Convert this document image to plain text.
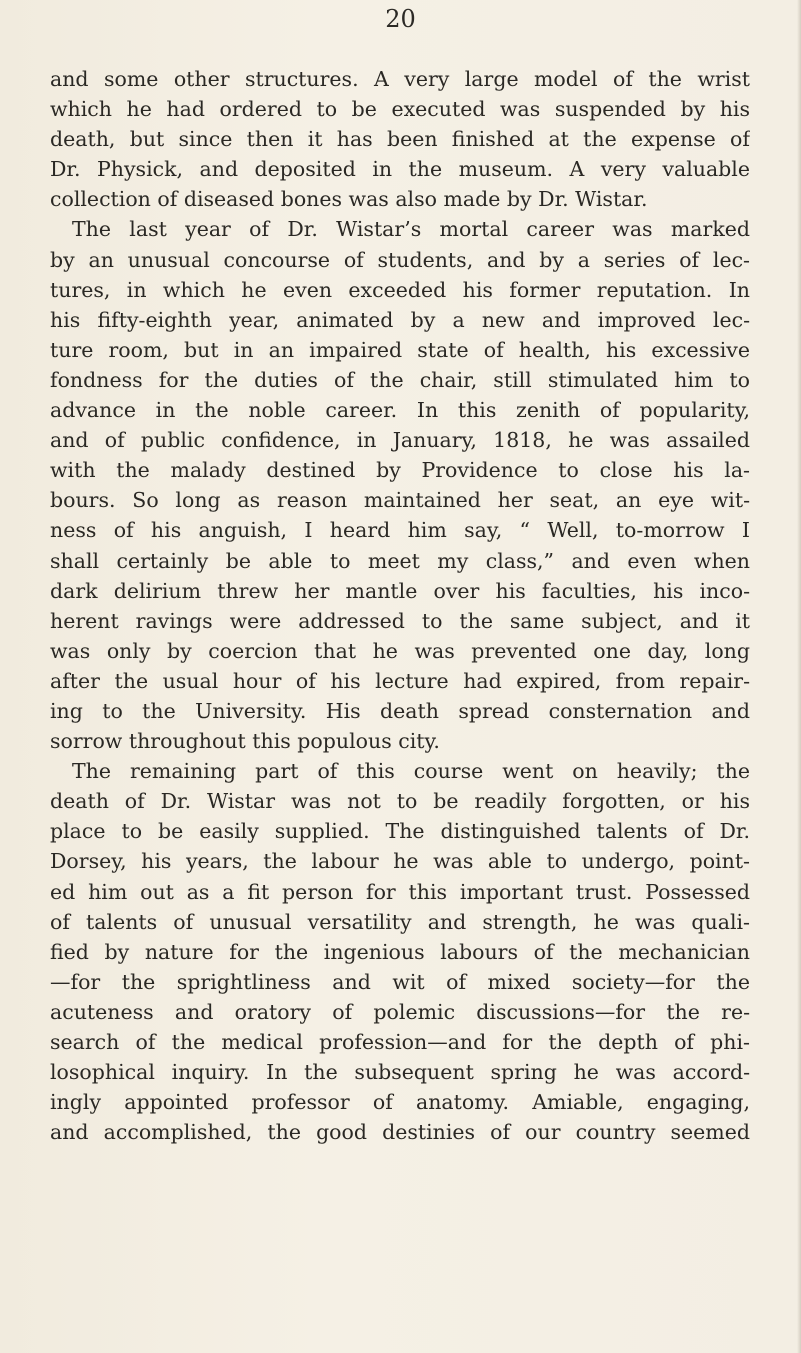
20
and some other structures. A very large model of the wrist
which he had ordered to be executed was suspended by his
death, but since then it has been finished at the expense of
Dr. Physick, and deposited in the museum. A very valuable
collection of diseased bones was also made by Dr. Wistar.
The last year of Dr. Wistar’s mortal career was marked
by an unusual concourse of students, and by a series of lec-
tures, in which he even exceeded his former reputation. In
his fifty-eighth year, animated by a new and improved lec-
ture room, but in an impaired state of health, his excessive
fondness for the duties of the chair, still stimulated him to
advance in the noble career. In this zenith of popularity,
and of public confidence, in January, 1818, he was assailed
with the malady destined by Providence to close his la-
bours. So long as reason maintained her seat, an eye wit-
ness of his anguish, I heard him say, “ Well, to-morrow I
shall certainly be able to meet my class,” and even when
dark delirium threw her mantle over his faculties, his inco-
herent ravings were addressed to the same subject, and it
was only by coercion that he was prevented one day, long
after the usual hour of his lecture had expired, from repair-
ing to the University. His death spread consternation and
sorrow throughout this populous city.
The remaining part of this course went on heavily; the
death of Dr. Wistar was not to be readily forgotten, or his
place to be easily supplied. The distinguished talents of Dr.
Dorsey, his years, the labour he was able to undergo, point-
ed him out as a fit person for this important trust. Possessed
of talents of unusual versatility and strength, he was quali-
fied by nature for the ingenious labours of the mechanician
—for the sprightliness and wit of mixed society—for the
acuteness and oratory of polemic discussions—for the re-
search of the medical profession—and for the depth of phi-
losophical inquiry. In the subsequent spring he was accord-
ingly appointed professor of anatomy. Amiable, engaging,
and accomplished, the good destinies of our country seemed
